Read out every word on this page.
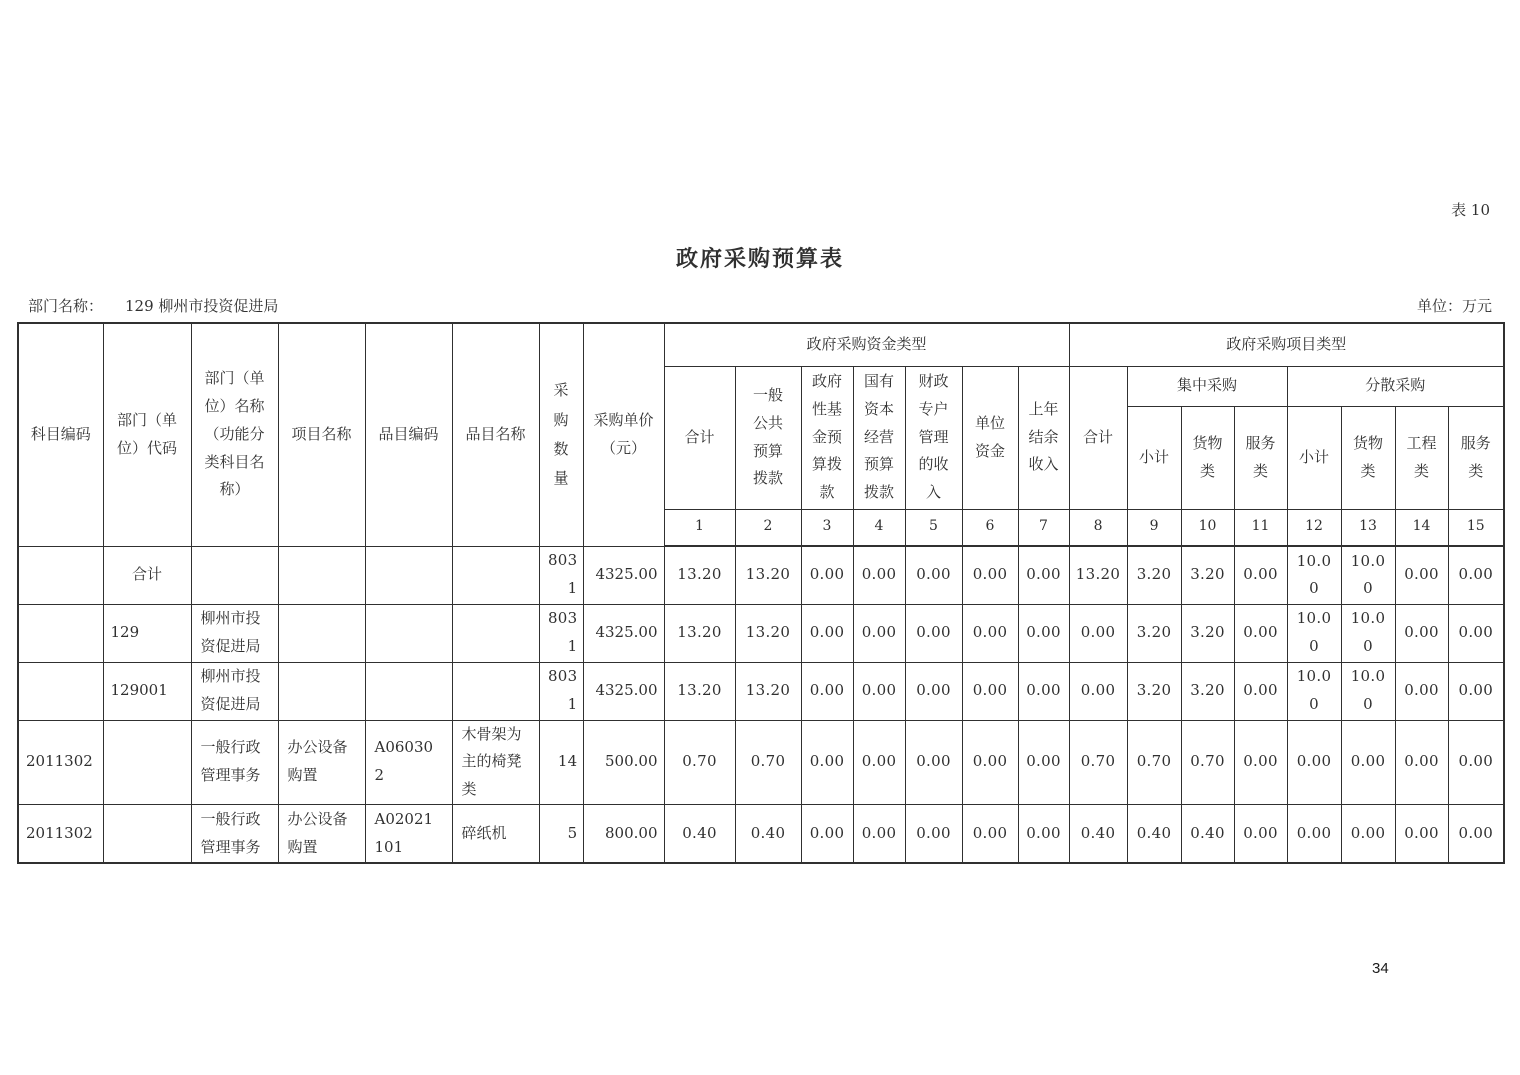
表 10
政府采购预算表
部门名称： 129 柳州市投资促进局	单位：万元
科目编码	部门（单位）代码	部门（单位）名称（功能分类科目名称）	项目名称	品目编码	品目名称	采购数量	采购单价（元）	政府采购资金类型							政府采购项目类型							
								合计	一般公共预算拨款	政府性基金预算拨款	国有资本经营预算拨款	财政专户管理的收入	单位资金	上年结余收入	合计	集中采购			分散采购			
																小计	货物类	服务类	小计	货物类	工程类	服务类
								1	2	3	4	5	6	7	8	9	10	11	12	13	14	15
	合计					8031	4325.00	13.20	13.20	0.00	0.00	0.00	0.00	0.00	13.20	3.20	3.20	0.00	10.00	10.00	0.00	0.00
	129	柳州市投资促进局				8031	4325.00	13.20	13.20	0.00	0.00	0.00	0.00	0.00	0.00	3.20	3.20	0.00	10.00	10.00	0.00	0.00
	129001	柳州市投资促进局				8031	4325.00	13.20	13.20	0.00	0.00	0.00	0.00	0.00	0.00	3.20	3.20	0.00	10.00	10.00	0.00	0.00
2011302		一般行政管理事务	办公设备购置	A060302	木骨架为主的椅凳类	14	500.00	0.70	0.70	0.00	0.00	0.00	0.00	0.00	0.70	0.70	0.70	0.00	0.00	0.00	0.00	0.00
2011302		一般行政管理事务	办公设备购置	A02021101	碎纸机	5	800.00	0.40	0.40	0.00	0.00	0.00	0.00	0.00	0.40	0.40	0.40	0.00	0.00	0.00	0.00	0.00
34
